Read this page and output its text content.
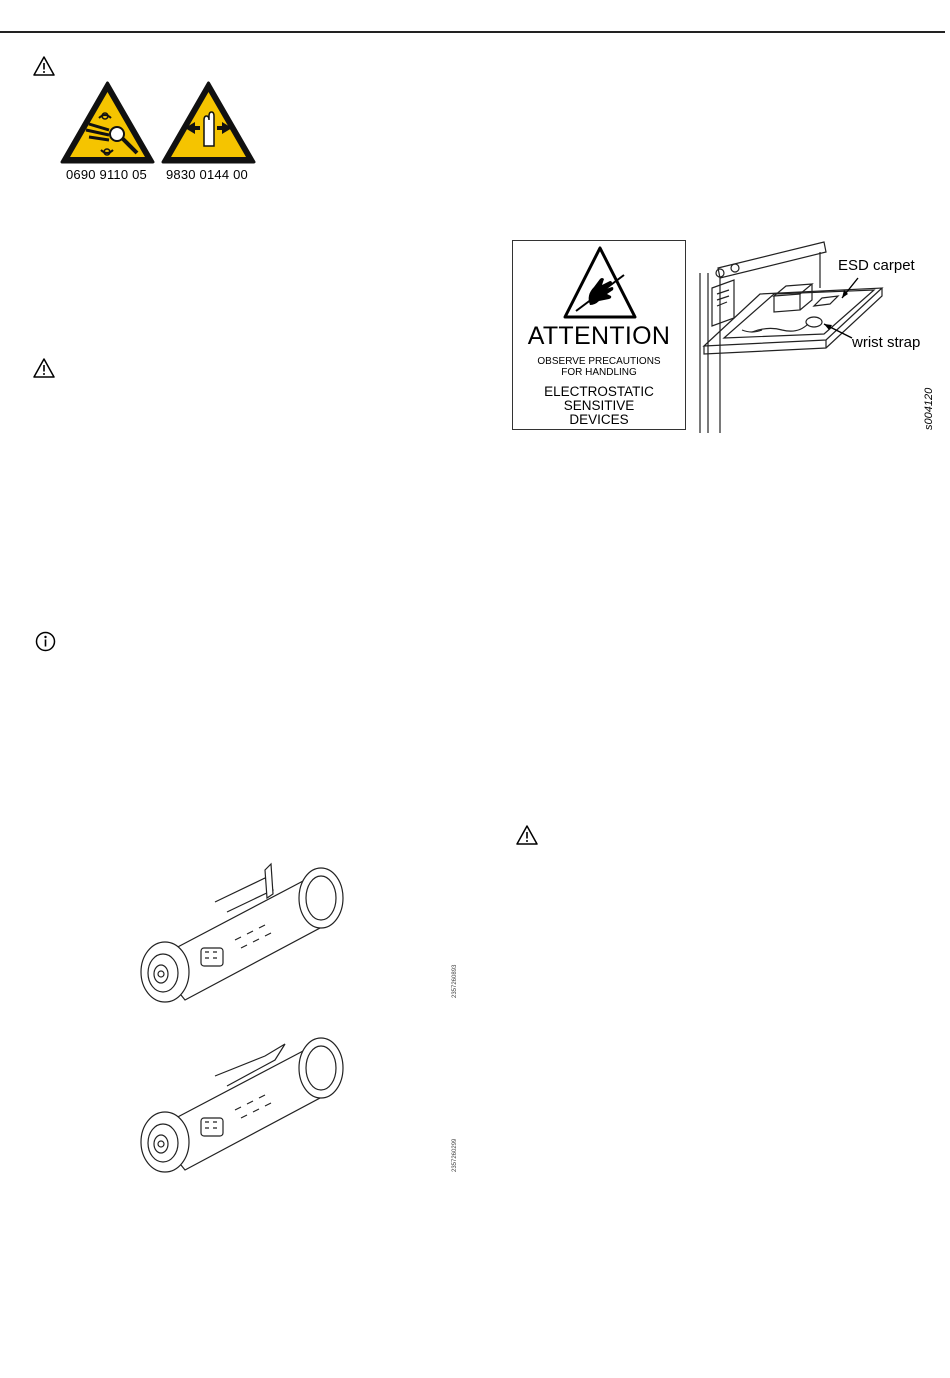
0690 9110 05 9830 0144 00
ATTENTION
OBSERVE PRECAUTIONS
FOR HANDLING
ELECTROSTATIC
SENSITIVE
DEVICES
ESD carpet
wrist strap
s004120
2357260893
2357260299
